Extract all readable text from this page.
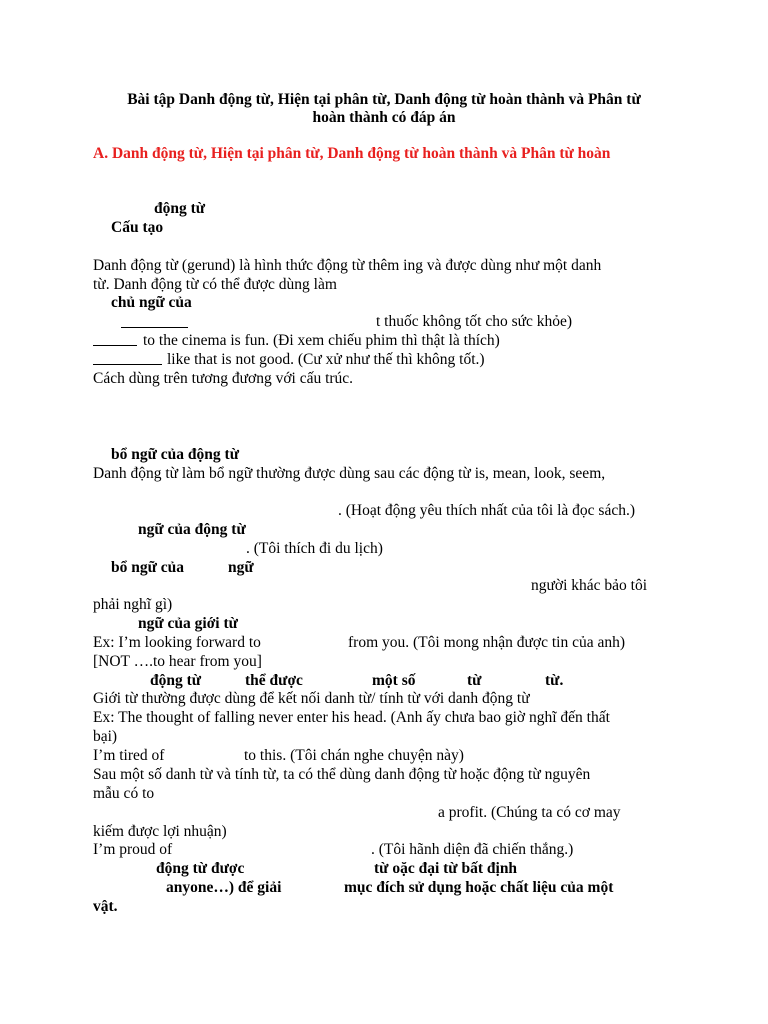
Bài tập Danh động từ, Hiện tại phân từ, Danh động từ hoàn thành và Phân từ
hoàn thành có đáp án
A. Danh động từ, Hiện tại phân từ, Danh động từ hoàn thành và Phân từ hoàn
động từ
Cấu tạo
Danh động từ (gerund) là hình thức động từ thêm ing và được dùng như một danh
từ. Danh động từ có thể được dùng làm
chủ ngữ của
t thuốc không tốt cho sức khỏe)
to the cinema is fun. (Đi xem chiếu phim thì thật là thích)
like that is not good. (Cư xử như thế thì không tốt.)
Cách dùng trên tương đương với cấu trúc.
bổ ngữ của động từ
Danh động từ làm bổ ngữ thường được dùng sau các động từ is, mean, look, seem,
. (Hoạt động yêu thích nhất của tôi là đọc sách.)
ngữ của động từ
. (Tôi thích đi du lịch)
bổ ngữ của	ngữ
người khác bảo tôi
phải nghĩ gì)
ngữ của giới từ
Ex: I’m looking forward to	from you. (Tôi mong nhận được tin của anh)
[NOT ….to hear from you]
động từ	thể được	một số	từ	từ.
Giới từ thường được dùng để kết nối danh từ/ tính từ với danh động từ
Ex: The thought of falling never enter his head. (Anh ấy chưa bao giờ nghĩ đến thất
bại)
I’m tired of	to this. (Tôi chán nghe chuyện này)
Sau một số danh từ và tính từ, ta có thể dùng danh động từ hoặc động từ nguyên
mẫu có to
a profit. (Chúng ta có cơ may
kiếm được lợi nhuận)
I’m proud of	. (Tôi hãnh diện đã chiến thắng.)
động từ được	từ oặc đại từ bất định
anyone…) để giải	mục đích sử dụng hoặc chất liệu của một
vật.
